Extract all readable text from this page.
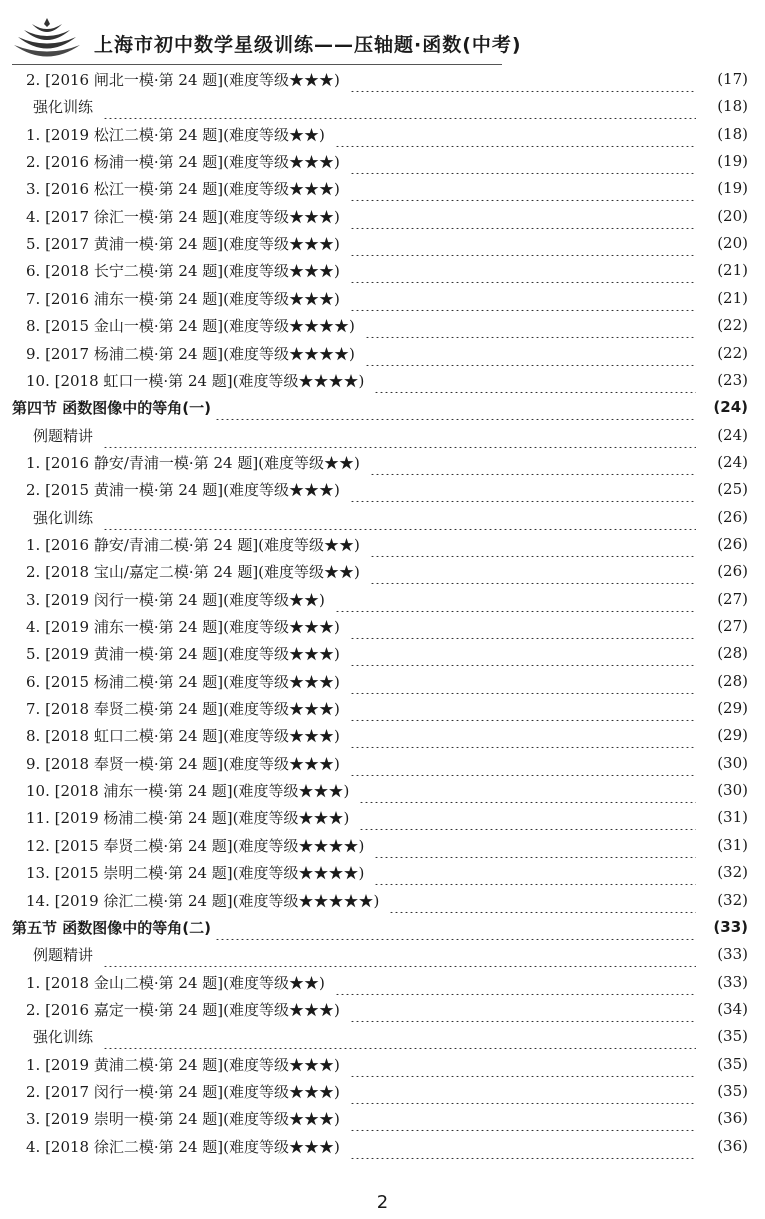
上海市初中数学星级训练——压轴题·函数(中考)
2. [2016 闸北一模·第 24 题](难度等级★★★)	(17)
强化训练	(18)
1. [2019 松江二模·第 24 题](难度等级★★)	(18)
2. [2016 杨浦一模·第 24 题](难度等级★★★)	(19)
3. [2016 松江一模·第 24 题](难度等级★★★)	(19)
4. [2017 徐汇一模·第 24 题](难度等级★★★)	(20)
5. [2017 黄浦一模·第 24 题](难度等级★★★)	(20)
6. [2018 长宁二模·第 24 题](难度等级★★★)	(21)
7. [2016 浦东一模·第 24 题](难度等级★★★)	(21)
8. [2015 金山一模·第 24 题](难度等级★★★★)	(22)
9. [2017 杨浦二模·第 24 题](难度等级★★★★)	(22)
10. [2018 虹口一模·第 24 题](难度等级★★★★)	(23)
第四节 函数图像中的等角(一)	(24)
例题精讲	(24)
1. [2016 静安/青浦一模·第 24 题](难度等级★★)	(24)
2. [2015 黄浦一模·第 24 题](难度等级★★★)	(25)
强化训练	(26)
1. [2016 静安/青浦二模·第 24 题](难度等级★★)	(26)
2. [2018 宝山/嘉定二模·第 24 题](难度等级★★)	(26)
3. [2019 闵行一模·第 24 题](难度等级★★)	(27)
4. [2019 浦东一模·第 24 题](难度等级★★★)	(27)
5. [2019 黄浦一模·第 24 题](难度等级★★★)	(28)
6. [2015 杨浦二模·第 24 题](难度等级★★★)	(28)
7. [2018 奉贤二模·第 24 题](难度等级★★★)	(29)
8. [2018 虹口二模·第 24 题](难度等级★★★)	(29)
9. [2018 奉贤一模·第 24 题](难度等级★★★)	(30)
10. [2018 浦东一模·第 24 题](难度等级★★★)	(30)
11. [2019 杨浦二模·第 24 题](难度等级★★★)	(31)
12. [2015 奉贤二模·第 24 题](难度等级★★★★)	(31)
13. [2015 崇明二模·第 24 题](难度等级★★★★)	(32)
14. [2019 徐汇二模·第 24 题](难度等级★★★★★)	(32)
第五节 函数图像中的等角(二)	(33)
例题精讲	(33)
1. [2018 金山二模·第 24 题](难度等级★★)	(33)
2. [2016 嘉定一模·第 24 题](难度等级★★★)	(34)
强化训练	(35)
1. [2019 黄浦二模·第 24 题](难度等级★★★)	(35)
2. [2017 闵行一模·第 24 题](难度等级★★★)	(35)
3. [2019 崇明一模·第 24 题](难度等级★★★)	(36)
4. [2018 徐汇二模·第 24 题](难度等级★★★)	(36)
2
